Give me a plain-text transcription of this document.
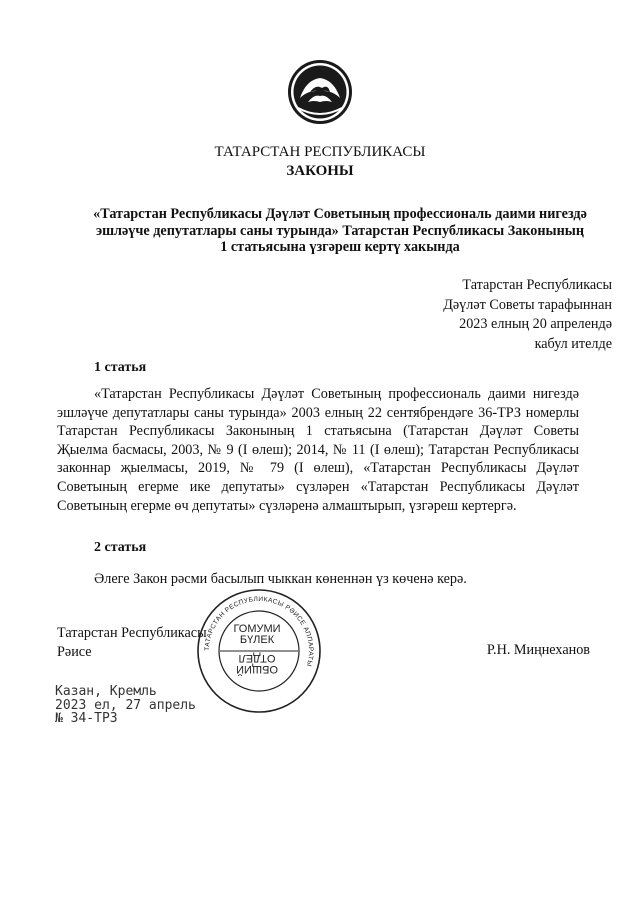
ТАТАРСТАН РЕСПУБЛИКАСЫ
ЗАКОНЫ
«Татарстан Республикасы Дәүләт Советының профессиональ даими нигездә
эшләүче депутатлары саны турында» Татарстан Республикасы Законының
1 статьясына үзгәреш кертү хакында
Татарстан Республикасы
Дәүләт Советы тарафыннан
2023 елның 20 апрелендә
кабул ителде
1 статья
«Татарстан Республикасы Дәүләт Советының профессиональ даими нигездә
эшләүче депутатлары саны турында» 2003 елның 22 сентябрендәге 36-ТРЗ номерлы
Татарстан Республикасы Законының 1 статьясына (Татарстан Дәүләт Советы
Җыелма басмасы, 2003, № 9 (I өлеш); 2014, № 11 (I өлеш); Татарстан Республикасы
законнар җыелмасы, 2019, № 79 (I өлеш), «Татарстан Республикасы Дәүләт
Советының егерме ике депутаты» сүзләрен «Татарстан Республикасы Дәүләт
Советының егерме өч депутаты» сүзләренә алмаштырып, үзгәреш кертергә.
2 статья
Әлеге Закон рәсми басылып чыккан көненнән үз көченә керә.
ТАТАРСТАН РЕСПУБЛИКАСЫ РӘИСЕ АППАРАТЫ
ГОМУМИ
БҮЛЕК

ОТДЕЛ
ОБЩИЙ
Татарстан Республикасы
Рәисе	Р.Н. Миңнеханов
Казан, Кремль
2023 ел, 27 апрель
№ 34-ТРЗ
